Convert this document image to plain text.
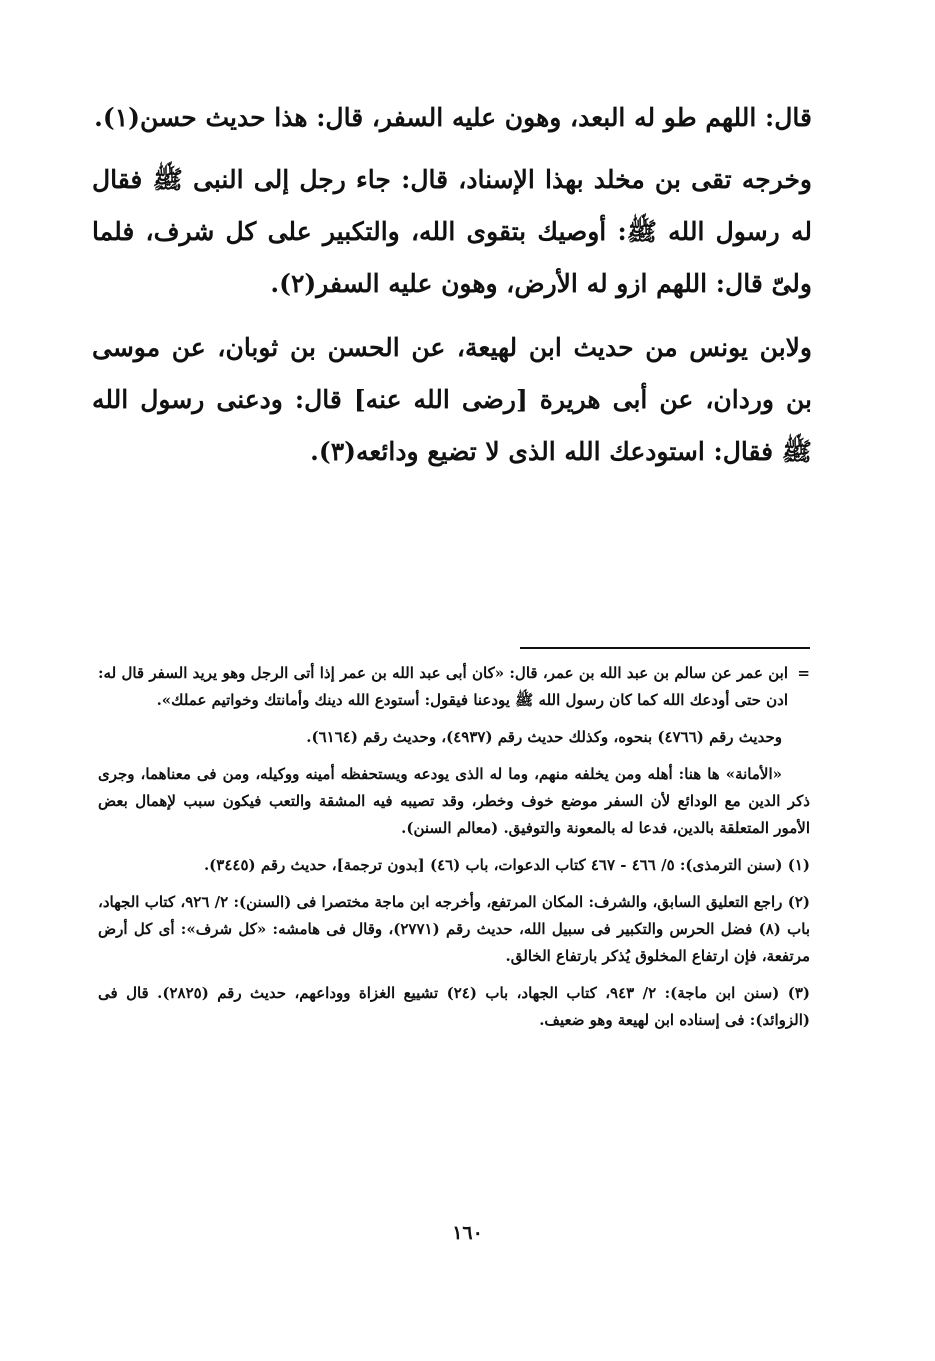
قال: اللهم طو له البعد، وهون عليه السفر، قال: هذا حديث حسن(١).

وخرجه تقى بن مخلد بهذا الإسناد، قال: جاء رجل إلى النبى ﷺ فقال له رسول الله ﷺ: أوصيك بتقوى الله، والتكبير على كل شرف، فلما ولىّ قال: اللهم ازو له الأرض، وهون عليه السفر(٢).

ولابن يونس من حديث ابن لهيعة، عن الحسن بن ثوبان، عن موسى بن وردان، عن أبى هريرة [رضى الله عنه] قال: ودعنى رسول الله ﷺ فقال: استودعك الله الذى لا تضيع ودائعه(٣).

=
ابن عمر عن سالم بن عبد الله بن عمر، قال: «كان أبى عبد الله بن عمر إذا أتى الرجل وهو يريد السفر قال له: ادن حتى أودعك الله كما كان رسول الله ﷺ يودعنا فيقول: أستودع الله دينك وأمانتك وخواتيم عملك».

وحديث رقم (٤٧٦٦) بنحوه، وكذلك حديث رقم (٤٩٣٧)، وحديث رقم (٦١٦٤).

«الأمانة» ها هنا: أهله ومن يخلفه منهم، وما له الذى يودعه ويستحفظه أمينه ووكيله، ومن فى معناهما، وجرى ذكر الدين مع الودائع لأن السفر موضع خوف وخطر، وقد تصيبه فيه المشقة والتعب فيكون سبب لإهمال بعض الأمور المتعلقة بالدين، فدعا له بالمعونة والتوفيق. (معالم السنن).

(١) (سنن الترمذى): ٥/ ٤٦٦ - ٤٦٧ كتاب الدعوات، باب (٤٦) [بدون ترجمة]، حديث رقم (٣٤٤٥).

(٢) راجع التعليق السابق، والشرف: المكان المرتفع، وأخرجه ابن ماجة مختصرا فى (السنن): ٢/ ٩٢٦، كتاب الجهاد، باب (٨) فضل الحرس والتكبير فى سبيل الله، حديث رقم (٢٧٧١)، وقال فى هامشه: «كل شرف»: أى كل أرض مرتفعة، فإن ارتفاع المخلوق يُذكر بارتفاع الخالق.

(٣) (سنن ابن ماجة): ٢/ ٩٤٣، كتاب الجهاد، باب (٢٤) تشييع الغزاة ووداعهم، حديث رقم (٢٨٢٥). قال فى (الزوائد): فى إسناده ابن لهيعة وهو ضعيف.

١٦٠
